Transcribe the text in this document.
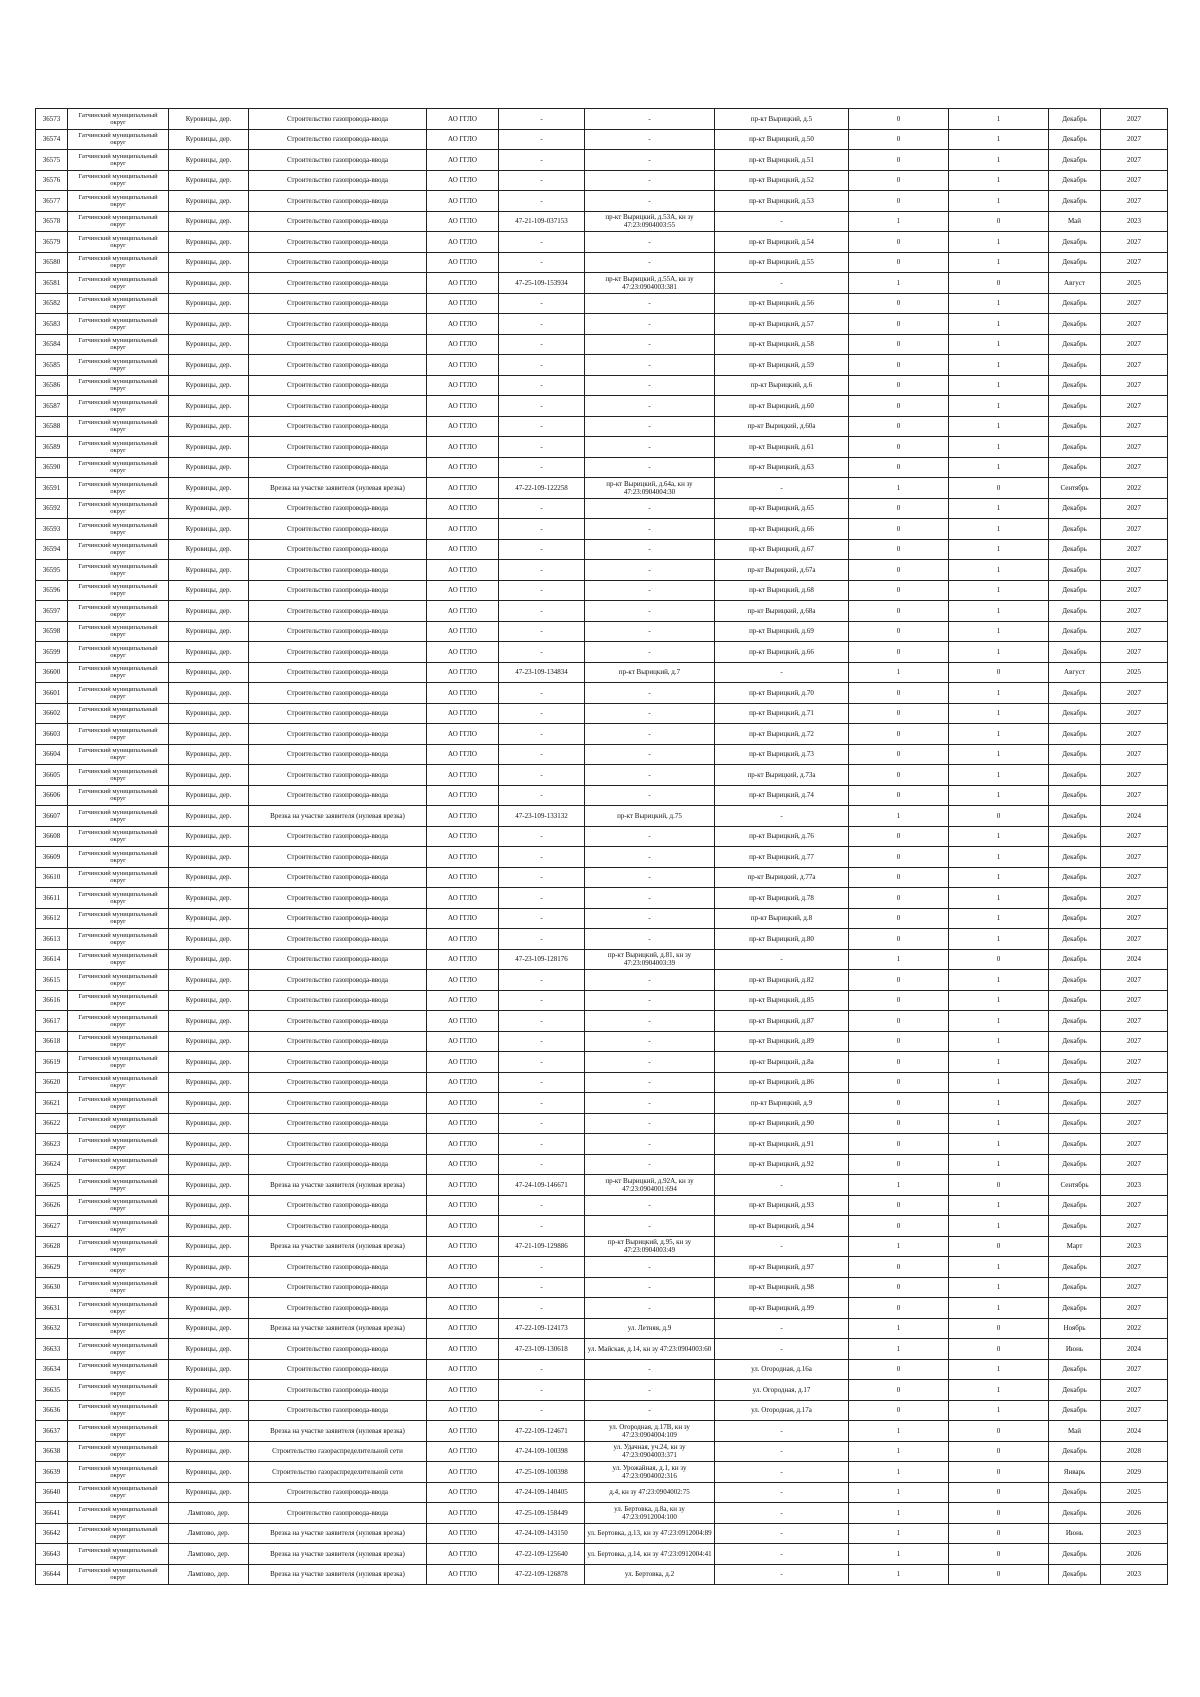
36573	Гатчинский муниципальный округ	Куровицы, дер.	Строительство газопровода-ввода	АО ГГЛО	-	-	пр-кт Вырицкий, д.5	0	1	Декабрь	2027
36574	Гатчинский муниципальный округ	Куровицы, дер.	Строительство газопровода-ввода	АО ГГЛО	-	-	пр-кт Вырицкий, д.50	0	1	Декабрь	2027
36575	Гатчинский муниципальный округ	Куровицы, дер.	Строительство газопровода-ввода	АО ГГЛО	-	-	пр-кт Вырицкий, д.51	0	1	Декабрь	2027
36576	Гатчинский муниципальный округ	Куровицы, дер.	Строительство газопровода-ввода	АО ГГЛО	-	-	пр-кт Вырицкий, д.52	0	1	Декабрь	2027
36577	Гатчинский муниципальный округ	Куровицы, дер.	Строительство газопровода-ввода	АО ГГЛО	-	-	пр-кт Вырицкий, д.53	0	1	Декабрь	2027
36578	Гатчинский муниципальный округ	Куровицы, дер.	Строительство газопровода-ввода	АО ГГЛО	47-21-109-037153	пр-кт Вырицкий, д.53А, кн зу 47:23:0904003:55	-	1	0	Май	2023
36579	Гатчинский муниципальный округ	Куровицы, дер.	Строительство газопровода-ввода	АО ГГЛО	-	-	пр-кт Вырицкий, д.54	0	1	Декабрь	2027
36580	Гатчинский муниципальный округ	Куровицы, дер.	Строительство газопровода-ввода	АО ГГЛО	-	-	пр-кт Вырицкий, д.55	0	1	Декабрь	2027
36581	Гатчинский муниципальный округ	Куровицы, дер.	Строительство газопровода-ввода	АО ГГЛО	47-25-109-153934	пр-кт Вырицкий, д.55А, кн зу 47:23:0904003:381	-	1	0	Август	2025
36582	Гатчинский муниципальный округ	Куровицы, дер.	Строительство газопровода-ввода	АО ГГЛО	-	-	пр-кт Вырицкий, д.56	0	1	Декабрь	2027
36583	Гатчинский муниципальный округ	Куровицы, дер.	Строительство газопровода-ввода	АО ГГЛО	-	-	пр-кт Вырицкий, д.57	0	1	Декабрь	2027
36584	Гатчинский муниципальный округ	Куровицы, дер.	Строительство газопровода-ввода	АО ГГЛО	-	-	пр-кт Вырицкий, д.58	0	1	Декабрь	2027
36585	Гатчинский муниципальный округ	Куровицы, дер.	Строительство газопровода-ввода	АО ГГЛО	-	-	пр-кт Вырицкий, д.59	0	1	Декабрь	2027
36586	Гатчинский муниципальный округ	Куровицы, дер.	Строительство газопровода-ввода	АО ГГЛО	-	-	пр-кт Вырицкий, д.6	0	1	Декабрь	2027
36587	Гатчинский муниципальный округ	Куровицы, дер.	Строительство газопровода-ввода	АО ГГЛО	-	-	пр-кт Вырицкий, д.60	0	1	Декабрь	2027
36588	Гатчинский муниципальный округ	Куровицы, дер.	Строительство газопровода-ввода	АО ГГЛО	-	-	пр-кт Вырицкий, д.60а	0	1	Декабрь	2027
36589	Гатчинский муниципальный округ	Куровицы, дер.	Строительство газопровода-ввода	АО ГГЛО	-	-	пр-кт Вырицкий, д.61	0	1	Декабрь	2027
36590	Гатчинский муниципальный округ	Куровицы, дер.	Строительство газопровода-ввода	АО ГГЛО	-	-	пр-кт Вырицкий, д.63	0	1	Декабрь	2027
36591	Гатчинский муниципальный округ	Куровицы, дер.	Врезка на участке заявителя (нулевая врезка)	АО ГГЛО	47-22-109-122258	пр-кт Вырицкий, д.64а, кн зу 47:23:0904004:30	-	1	0	Сентябрь	2022
36592	Гатчинский муниципальный округ	Куровицы, дер.	Строительство газопровода-ввода	АО ГГЛО	-	-	пр-кт Вырицкий, д.65	0	1	Декабрь	2027
36593	Гатчинский муниципальный округ	Куровицы, дер.	Строительство газопровода-ввода	АО ГГЛО	-	-	пр-кт Вырицкий, д.66	0	1	Декабрь	2027
36594	Гатчинский муниципальный округ	Куровицы, дер.	Строительство газопровода-ввода	АО ГГЛО	-	-	пр-кт Вырицкий, д.67	0	1	Декабрь	2027
36595	Гатчинский муниципальный округ	Куровицы, дер.	Строительство газопровода-ввода	АО ГГЛО	-	-	пр-кт Вырицкий, д.67а	0	1	Декабрь	2027
36596	Гатчинский муниципальный округ	Куровицы, дер.	Строительство газопровода-ввода	АО ГГЛО	-	-	пр-кт Вырицкий, д.68	0	1	Декабрь	2027
36597	Гатчинский муниципальный округ	Куровицы, дер.	Строительство газопровода-ввода	АО ГГЛО	-	-	пр-кт Вырицкий, д.68а	0	1	Декабрь	2027
36598	Гатчинский муниципальный округ	Куровицы, дер.	Строительство газопровода-ввода	АО ГГЛО	-	-	пр-кт Вырицкий, д.69	0	1	Декабрь	2027
36599	Гатчинский муниципальный округ	Куровицы, дер.	Строительство газопровода-ввода	АО ГГЛО	-	-	пр-кт Вырицкий, д.66	0	1	Декабрь	2027
36600	Гатчинский муниципальный округ	Куровицы, дер.	Строительство газопровода-ввода	АО ГГЛО	47-23-109-134834	пр-кт Вырицкий, д.7	-	1	0	Август	2025
36601	Гатчинский муниципальный округ	Куровицы, дер.	Строительство газопровода-ввода	АО ГГЛО	-	-	пр-кт Вырицкий, д.70	0	1	Декабрь	2027
36602	Гатчинский муниципальный округ	Куровицы, дер.	Строительство газопровода-ввода	АО ГГЛО	-	-	пр-кт Вырицкий, д.71	0	1	Декабрь	2027
36603	Гатчинский муниципальный округ	Куровицы, дер.	Строительство газопровода-ввода	АО ГГЛО	-	-	пр-кт Вырицкий, д.72	0	1	Декабрь	2027
36604	Гатчинский муниципальный округ	Куровицы, дер.	Строительство газопровода-ввода	АО ГГЛО	-	-	пр-кт Вырицкий, д.73	0	1	Декабрь	2027
36605	Гатчинский муниципальный округ	Куровицы, дер.	Строительство газопровода-ввода	АО ГГЛО	-	-	пр-кт Вырицкий, д.73а	0	1	Декабрь	2027
36606	Гатчинский муниципальный округ	Куровицы, дер.	Строительство газопровода-ввода	АО ГГЛО	-	-	пр-кт Вырицкий, д.74	0	1	Декабрь	2027
36607	Гатчинский муниципальный округ	Куровицы, дер.	Врезка на участке заявителя (нулевая врезка)	АО ГГЛО	47-23-109-133132	пр-кт Вырицкий, д.75	-	1	0	Декабрь	2024
36608	Гатчинский муниципальный округ	Куровицы, дер.	Строительство газопровода-ввода	АО ГГЛО	-	-	пр-кт Вырицкий, д.76	0	1	Декабрь	2027
36609	Гатчинский муниципальный округ	Куровицы, дер.	Строительство газопровода-ввода	АО ГГЛО	-	-	пр-кт Вырицкий, д.77	0	1	Декабрь	2027
36610	Гатчинский муниципальный округ	Куровицы, дер.	Строительство газопровода-ввода	АО ГГЛО	-	-	пр-кт Вырицкий, д.77а	0	1	Декабрь	2027
36611	Гатчинский муниципальный округ	Куровицы, дер.	Строительство газопровода-ввода	АО ГГЛО	-	-	пр-кт Вырицкий, д.78	0	1	Декабрь	2027
36612	Гатчинский муниципальный округ	Куровицы, дер.	Строительство газопровода-ввода	АО ГГЛО	-	-	пр-кт Вырицкий, д.8	0	1	Декабрь	2027
36613	Гатчинский муниципальный округ	Куровицы, дер.	Строительство газопровода-ввода	АО ГГЛО	-	-	пр-кт Вырицкий, д.80	0	1	Декабрь	2027
36614	Гатчинский муниципальный округ	Куровицы, дер.	Строительство газопровода-ввода	АО ГГЛО	47-23-109-128176	пр-кт Вырицкий, д.81, кн зу 47:23:0904003:39	-	1	0	Декабрь	2024
36615	Гатчинский муниципальный округ	Куровицы, дер.	Строительство газопровода-ввода	АО ГГЛО	-	-	пр-кт Вырицкий, д.82	0	1	Декабрь	2027
36616	Гатчинский муниципальный округ	Куровицы, дер.	Строительство газопровода-ввода	АО ГГЛО	-	-	пр-кт Вырицкий, д.85	0	1	Декабрь	2027
36617	Гатчинский муниципальный округ	Куровицы, дер.	Строительство газопровода-ввода	АО ГГЛО	-	-	пр-кт Вырицкий, д.87	0	1	Декабрь	2027
36618	Гатчинский муниципальный округ	Куровицы, дер.	Строительство газопровода-ввода	АО ГГЛО	-	-	пр-кт Вырицкий, д.89	0	1	Декабрь	2027
36619	Гатчинский муниципальный округ	Куровицы, дер.	Строительство газопровода-ввода	АО ГГЛО	-	-	пр-кт Вырицкий, д.8а	0	1	Декабрь	2027
36620	Гатчинский муниципальный округ	Куровицы, дер.	Строительство газопровода-ввода	АО ГГЛО	-	-	пр-кт Вырицкий, д.86	0	1	Декабрь	2027
36621	Гатчинский муниципальный округ	Куровицы, дер.	Строительство газопровода-ввода	АО ГГЛО	-	-	пр-кт Вырицкий, д.9	0	1	Декабрь	2027
36622	Гатчинский муниципальный округ	Куровицы, дер.	Строительство газопровода-ввода	АО ГГЛО	-	-	пр-кт Вырицкий, д.90	0	1	Декабрь	2027
36623	Гатчинский муниципальный округ	Куровицы, дер.	Строительство газопровода-ввода	АО ГГЛО	-	-	пр-кт Вырицкий, д.91	0	1	Декабрь	2027
36624	Гатчинский муниципальный округ	Куровицы, дер.	Строительство газопровода-ввода	АО ГГЛО	-	-	пр-кт Вырицкий, д.92	0	1	Декабрь	2027
36625	Гатчинский муниципальный округ	Куровицы, дер.	Врезка на участке заявителя (нулевая врезка)	АО ГГЛО	47-24-109-146671	пр-кт Вырицкий, д.92А, кн зу 47:23:0904001:694	-	1	0	Сентябрь	2023
36626	Гатчинский муниципальный округ	Куровицы, дер.	Строительство газопровода-ввода	АО ГГЛО	-	-	пр-кт Вырицкий, д.93	0	1	Декабрь	2027
36627	Гатчинский муниципальный округ	Куровицы, дер.	Строительство газопровода-ввода	АО ГГЛО	-	-	пр-кт Вырицкий, д.94	0	1	Декабрь	2027
36628	Гатчинский муниципальный округ	Куровицы, дер.	Врезка на участке заявителя (нулевая врезка)	АО ГГЛО	47-21-109-129886	пр-кт Вырицкий, д.95, кн зу 47:23:0904003:49	-	1	0	Март	2023
36629	Гатчинский муниципальный округ	Куровицы, дер.	Строительство газопровода-ввода	АО ГГЛО	-	-	пр-кт Вырицкий, д.97	0	1	Декабрь	2027
36630	Гатчинский муниципальный округ	Куровицы, дер.	Строительство газопровода-ввода	АО ГГЛО	-	-	пр-кт Вырицкий, д.98	0	1	Декабрь	2027
36631	Гатчинский муниципальный округ	Куровицы, дер.	Строительство газопровода-ввода	АО ГГЛО	-	-	пр-кт Вырицкий, д.99	0	1	Декабрь	2027
36632	Гатчинский муниципальный округ	Куровицы, дер.	Врезка на участке заявителя (нулевая врезка)	АО ГГЛО	47-22-109-124173	ул. Летняя, д.9	-	1	0	Ноябрь	2022
36633	Гатчинский муниципальный округ	Куровицы, дер.	Строительство газопровода-ввода	АО ГГЛО	47-23-109-130618	ул. Майская, д.14, кн зу 47:23:0904003:60	-	1	0	Июнь	2024
36634	Гатчинский муниципальный округ	Куровицы, дер.	Строительство газопровода-ввода	АО ГГЛО	-	-	ул. Огородная, д.16а	0	1	Декабрь	2027
36635	Гатчинский муниципальный округ	Куровицы, дер.	Строительство газопровода-ввода	АО ГГЛО	-	-	ул. Огородная, д.17	0	1	Декабрь	2027
36636	Гатчинский муниципальный округ	Куровицы, дер.	Строительство газопровода-ввода	АО ГГЛО	-	-	ул. Огородная, д.17а	0	1	Декабрь	2027
36637	Гатчинский муниципальный округ	Куровицы, дер.	Врезка на участке заявителя (нулевая врезка)	АО ГГЛО	47-22-109-124671	ул. Огородная, д.17В, кн зу 47:23:0904004:109	-	1	0	Май	2024
36638	Гатчинский муниципальный округ	Куровицы, дер.	Строительство газораспределительной сети	АО ГГЛО	47-24-109-100398	ул. Удачная, уч.24, кн зу 47:23:0904003:371	-	1	0	Декабрь	2028
36639	Гатчинский муниципальный округ	Куровицы, дер.	Строительство газораспределительной сети	АО ГГЛО	47-25-109-100398	ул. Урожайная, д.1, кн зу 47:23:0904002:316	-	1	0	Январь	2029
36640	Гатчинский муниципальный округ	Куровицы, дер.	Строительство газопровода-ввода	АО ГГЛО	47-24-109-140405	д.4, кн зу 47:23:0904002:75	-	1	0	Декабрь	2025
36641	Гатчинский муниципальный округ	Лампово, дер.	Строительство газопровода-ввода	АО ГГЛО	47-25-109-158449	ул. Бертовка, д.8а, кн зу 47:23:0912004:100	-	1	0	Декабрь	2026
36642	Гатчинский муниципальный округ	Лампово, дер.	Врезка на участке заявителя (нулевая врезка)	АО ГГЛО	47-24-109-143150	ул. Бертовка, д.13, кн зу 47:23:0912004:89	-	1	0	Июнь	2023
36643	Гатчинский муниципальный округ	Лампово, дер.	Врезка на участке заявителя (нулевая врезка)	АО ГГЛО	47-22-109-125640	ул. Бертовка, д.14, кн зу 47:23:0912004:41	-	1	0	Декабрь	2026
36644	Гатчинский муниципальный округ	Лампово, дер.	Врезка на участке заявителя (нулевая врезка)	АО ГГЛО	47-22-109-126878	ул. Бертовка, д.2	-	1	0	Декабрь	2023
